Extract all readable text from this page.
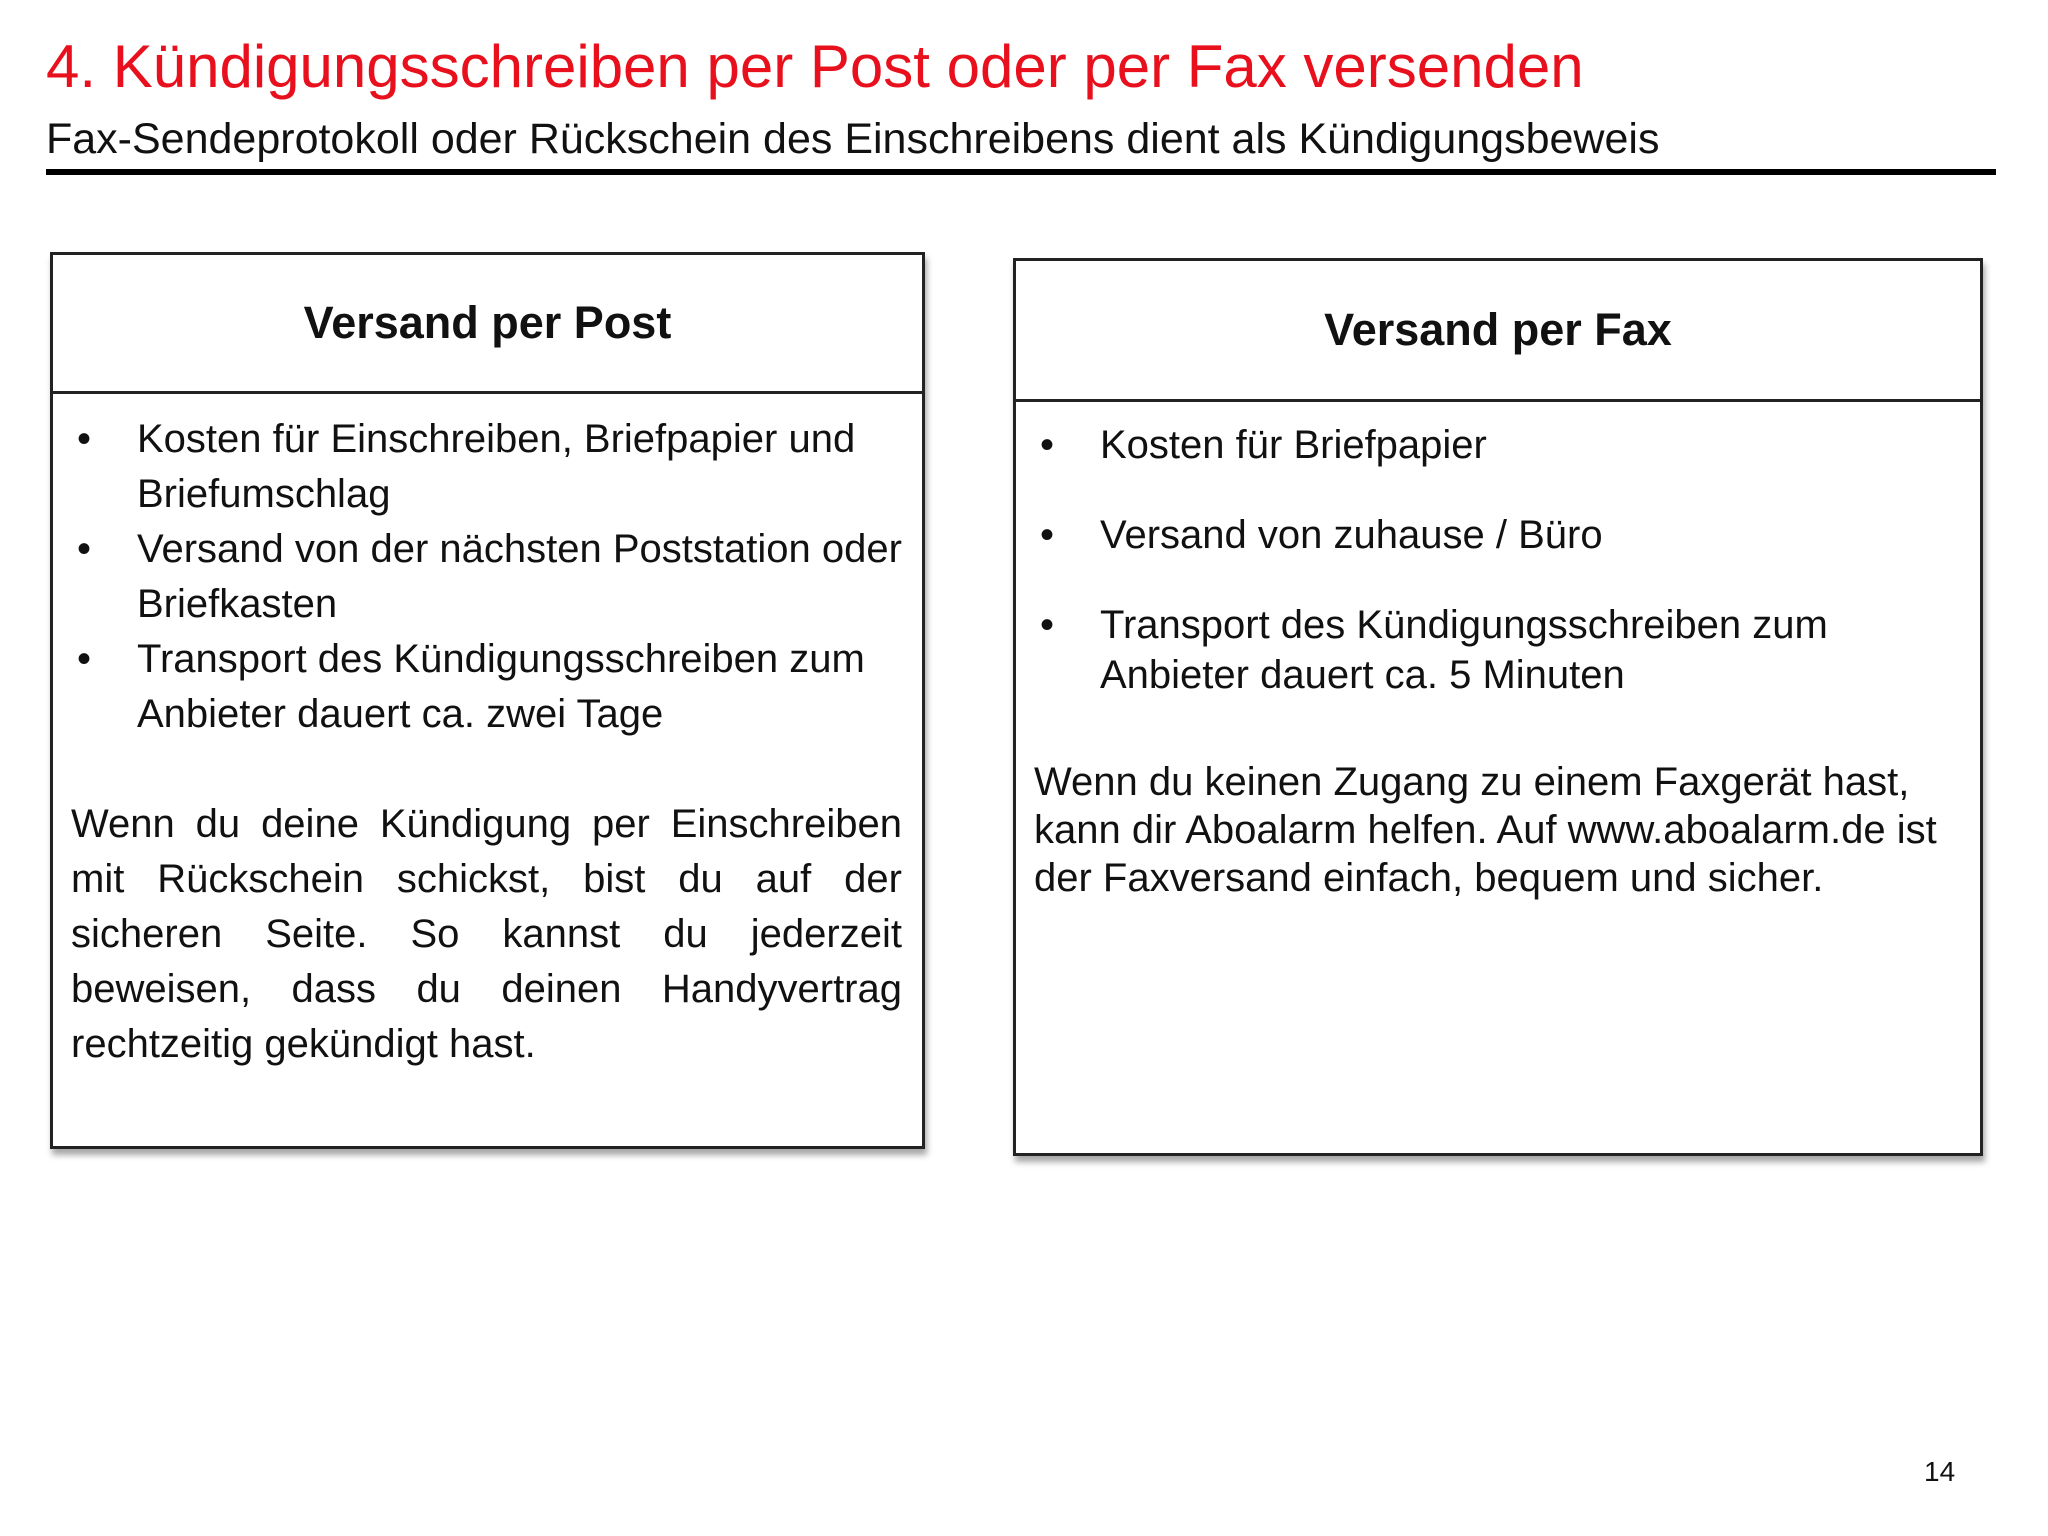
4. Kündigungsschreiben per Post oder per Fax versenden
Fax-Sendeprotokoll oder Rückschein des Einschreibens dient als Kündigungsbeweis
Versand per Post
• Kosten für Einschreiben, Briefpapier und Briefumschlag
• Versand von der nächsten Poststation oder Briefkasten
• Transport des Kündigungsschreiben zum Anbieter dauert ca. zwei Tage

Wenn du deine Kündigung per Einschreiben mit Rückschein schickst, bist du auf der sicheren Seite. So kannst du jederzeit beweisen, dass du deinen Handyvertrag rechtzeitig gekündigt hast.

Versand per Fax
• Kosten für Briefpapier
• Versand von zuhause / Büro
• Transport des Kündigungsschreiben zum Anbieter dauert ca. 5 Minuten

Wenn du keinen Zugang zu einem Faxgerät hast, kann dir Aboalarm helfen. Auf www.aboalarm.de ist der Faxversand einfach, bequem und sicher.

14
